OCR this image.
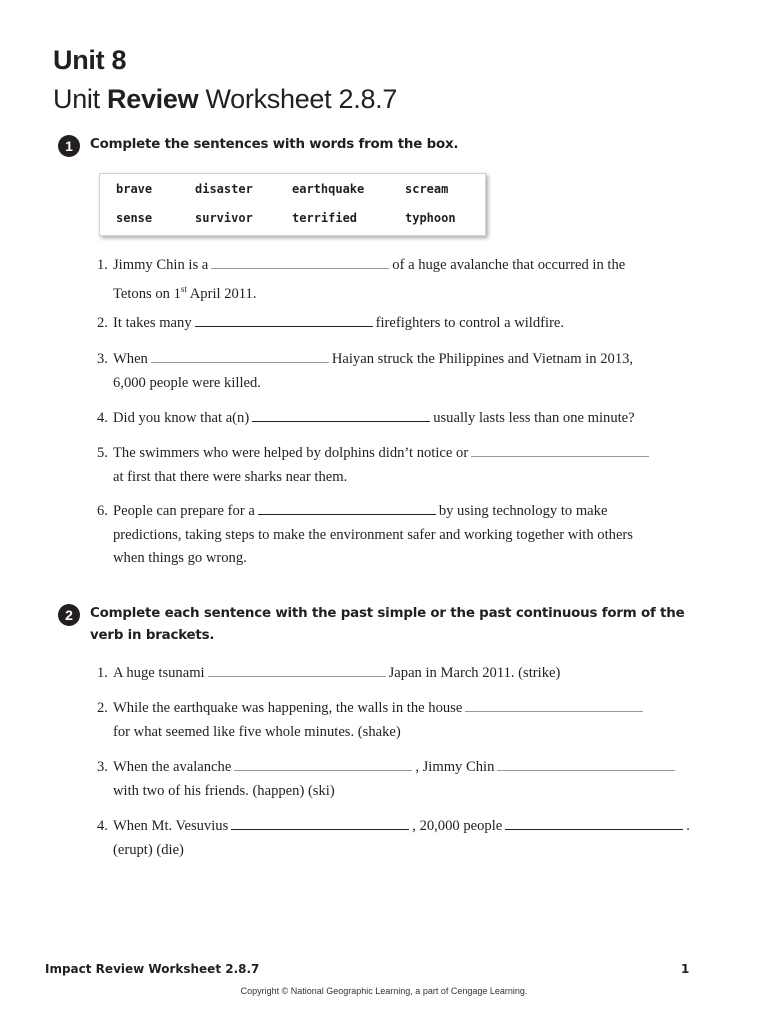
Unit 8
Unit Review Worksheet 2.8.7
1	Complete the sentences with words from the box.
brave	disaster	earthquake	scream
sense	survivor	terrified	typhoon
1. Jimmy Chin is a	of a huge avalanche that occurred in the
Tetons on 1st April 2011.
2. It takes many	firefighters to control a wildfire.
3. When	Haiyan struck the Philippines and Vietnam in 2013,
6,000 people were killed.
4. Did you know that a(n)	usually lasts less than one minute?
5. The swimmers who were helped by dolphins didn’t notice or
at first that there were sharks near them.
6. People can prepare for a	by using technology to make
predictions, taking steps to make the environment safer and working together with others
when things go wrong.
2	Complete each sentence with the past simple or the past continuous form of the verb in brackets.
1. A huge tsunami	Japan in March 2011. (strike)
2. While the earthquake was happening, the walls in the house
for what seemed like five whole minutes. (shake)
3. When the avalanche	, Jimmy Chin
with two of his friends. (happen) (ski)
4. When Mt. Vesuvius	, 20,000 people	.
(erupt) (die)
Impact Review Worksheet 2.8.7	1
Copyright © National Geographic Learning, a part of Cengage Learning.
